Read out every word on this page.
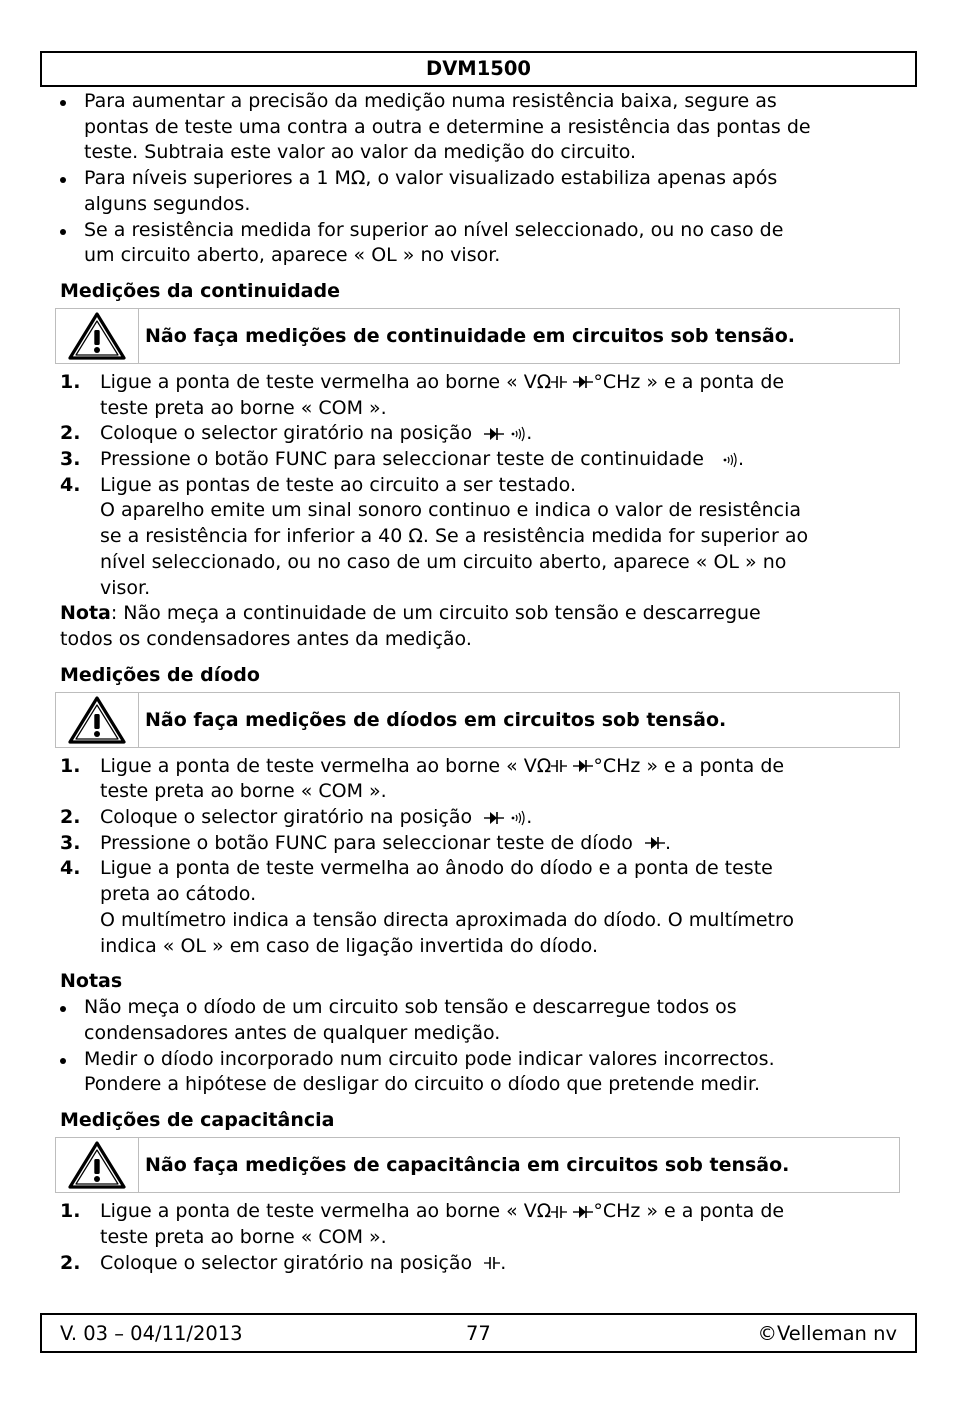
DVM1500
Para aumentar a precisão da medição numa resistência baixa, segure as
pontas de teste uma contra a outra e determine a resistência das pontas de
teste. Subtraia este valor ao valor da medição do circuito.
Para níveis superiores a 1 MΩ, o valor visualizado estabiliza apenas após
alguns segundos.
Se a resistência medida for superior ao nível seleccionado, ou no caso de
um circuito aberto, aparece « OL » no visor.
Medições da continuidade
Não faça medições de continuidade em circuitos sob tensão.
1. Ligue a ponta de teste vermelha ao borne « VΩ °CHz » e a ponta de
teste preta ao borne « COM ».
2. Coloque o selector giratório na posição	.
3. Pressione o botão FUNC para seleccionar teste de continuidade .
4. Ligue as pontas de teste ao circuito a ser testado.
O aparelho emite um sinal sonoro continuo e indica o valor de resistência
se a resistência for inferior a 40 Ω. Se a resistência medida for superior ao
nível seleccionado, ou no caso de um circuito aberto, aparece « OL » no
visor.
Nota: Não meça a continuidade de um circuito sob tensão e descarregue
todos os condensadores antes da medição.
Medições de díodo
Não faça medições de díodos em circuitos sob tensão.
1. Ligue a ponta de teste vermelha ao borne « VΩ °CHz » e a ponta de
teste preta ao borne « COM ».
2. Coloque o selector giratório na posição	.
3. Pressione o botão FUNC para seleccionar teste de díodo .
4. Ligue a ponta de teste vermelha ao ânodo do díodo e a ponta de teste
preta ao cátodo.
O multímetro indica a tensão directa aproximada do díodo. O multímetro
indica « OL » em caso de ligação invertida do díodo.
Notas
Não meça o díodo de um circuito sob tensão e descarregue todos os
condensadores antes de qualquer medição.
Medir o díodo incorporado num circuito pode indicar valores incorrectos.
Pondere a hipótese de desligar do circuito o díodo que pretende medir.
Medições de capacitância
Não faça medições de capacitância em circuitos sob tensão.
1. Ligue a ponta de teste vermelha ao borne « VΩ °CHz » e a ponta de
teste preta ao borne « COM ».
2. Coloque o selector giratório na posição .
V. 03 – 04/11/2013	77	©Velleman nv
